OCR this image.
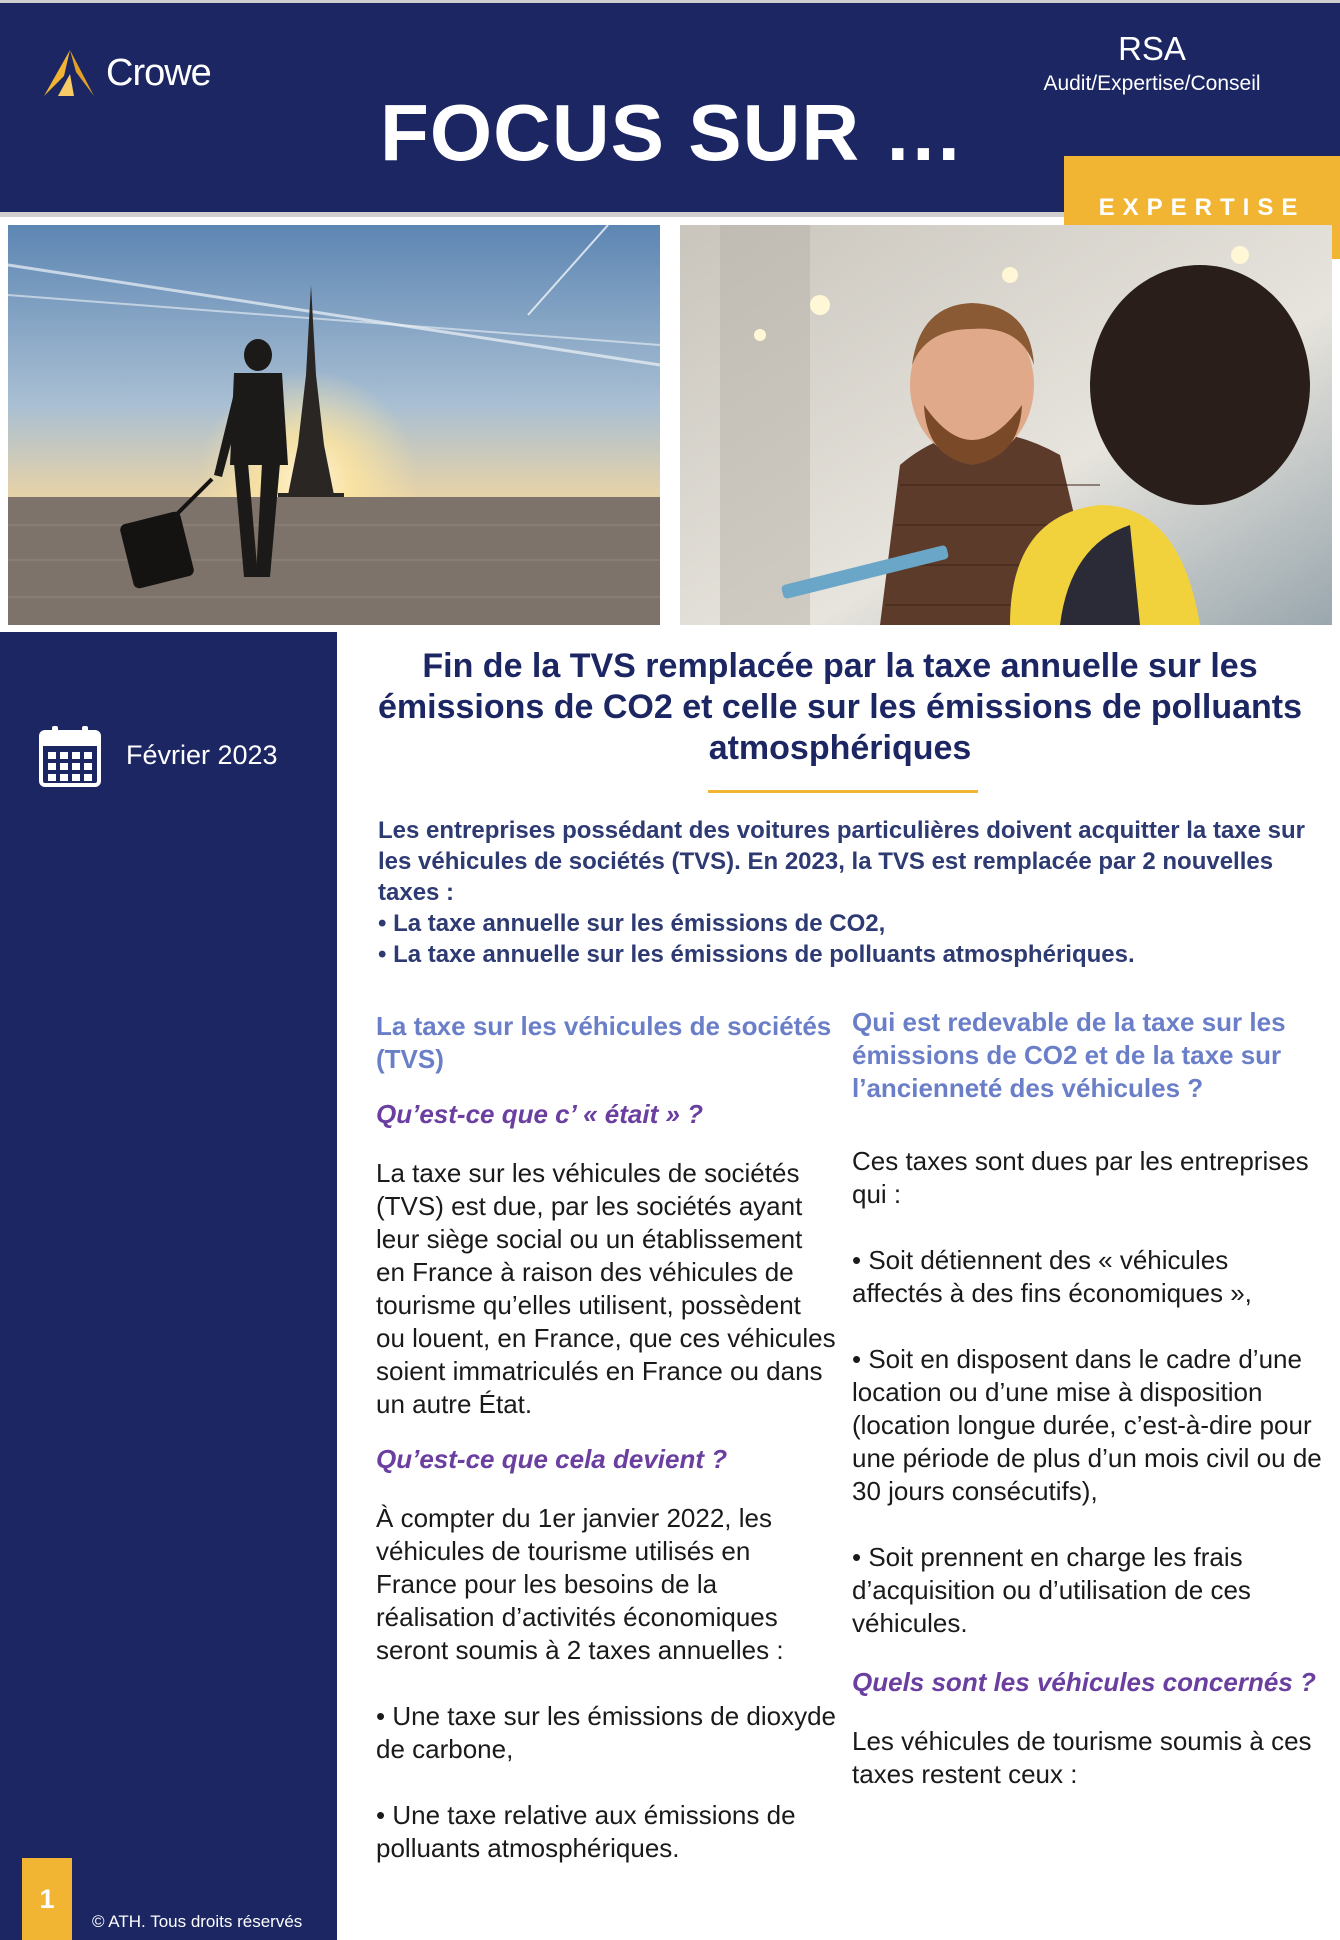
Crowe
FOCUS SUR …
RSA
Audit/Expertise/Conseil
EXPERTISE
Février 2023
1
© ATH. Tous droits réservés
Fin de la TVS remplacée par la taxe annuelle sur les émissions de CO2 et celle sur les émissions de polluants atmosphériques

Les entreprises possédant des voitures particulières doivent acquitter la taxe sur les véhicules de sociétés (TVS). En 2023, la TVS est remplacée par 2 nouvelles taxes :

• La taxe annuelle sur les émissions de CO2,

• La taxe annuelle sur les émissions de polluants atmosphériques.

La taxe sur les véhicules de sociétés (TVS)

Qu’est-ce que c’ « était » ?

La taxe sur les véhicules de sociétés (TVS) est due, par les sociétés ayant leur siège social ou un établissement en France à raison des véhicules de tourisme qu’elles utilisent, possèdent ou louent, en France, que ces véhicules soient immatriculés en France ou dans un autre État.

Qu’est-ce que cela devient ?

À compter du 1er janvier 2022, les véhicules de tourisme utilisés en France pour les besoins de la réalisation d’activités économiques seront soumis à 2 taxes annuelles :

• Une taxe sur les émissions de dioxyde de carbone,

• Une taxe relative aux émissions de polluants atmosphériques.

Qui est redevable de la taxe sur les émissions de CO2 et de la taxe sur l’ancienneté des véhicules ?

Ces taxes sont dues par les entreprises qui :

• Soit détiennent des « véhicules affectés à des fins économiques »,

• Soit en disposent dans le cadre d’une location ou d’une mise à disposition (location longue durée, c’est-à-dire pour une période de plus d’un mois civil ou de 30 jours consécutifs),

• Soit prennent en charge les frais d’acquisition ou d’utilisation de ces véhicules.

Quels sont les véhicules concernés ?

Les véhicules de tourisme soumis à ces taxes restent ceux :
